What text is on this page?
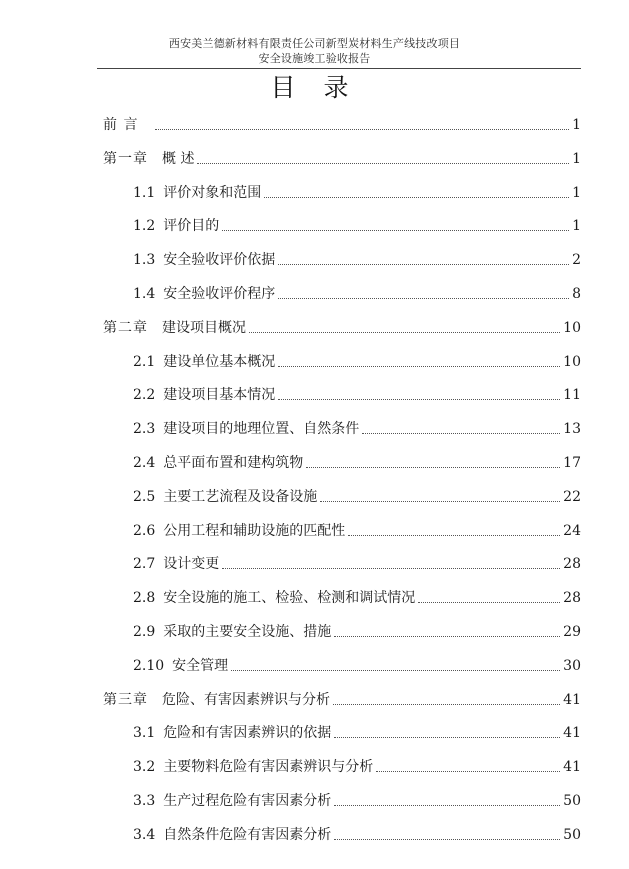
西安美兰德新材料有限责任公司新型炭材料生产线技改项目
安全设施竣工验收报告
目 录
前 言	1
第一章 概 述	1
1.1 评价对象和范围	1
1.2 评价目的	1
1.3 安全验收评价依据	2
1.4 安全验收评价程序	8
第二章 建设项目概况	10
2.1 建设单位基本概况	10
2.2 建设项目基本情况	11
2.3 建设项目的地理位置、自然条件	13
2.4 总平面布置和建构筑物	17
2.5 主要工艺流程及设备设施	22
2.6 公用工程和辅助设施的匹配性	24
2.7 设计变更	28
2.8 安全设施的施工、检验、检测和调试情况	28
2.9 采取的主要安全设施、措施	29
2.10 安全管理	30
第三章 危险、有害因素辨识与分析	41
3.1 危险和有害因素辨识的依据	41
3.2 主要物料危险有害因素辨识与分析	41
3.3 生产过程危险有害因素分析	50
3.4 自然条件危险有害因素分析	50
